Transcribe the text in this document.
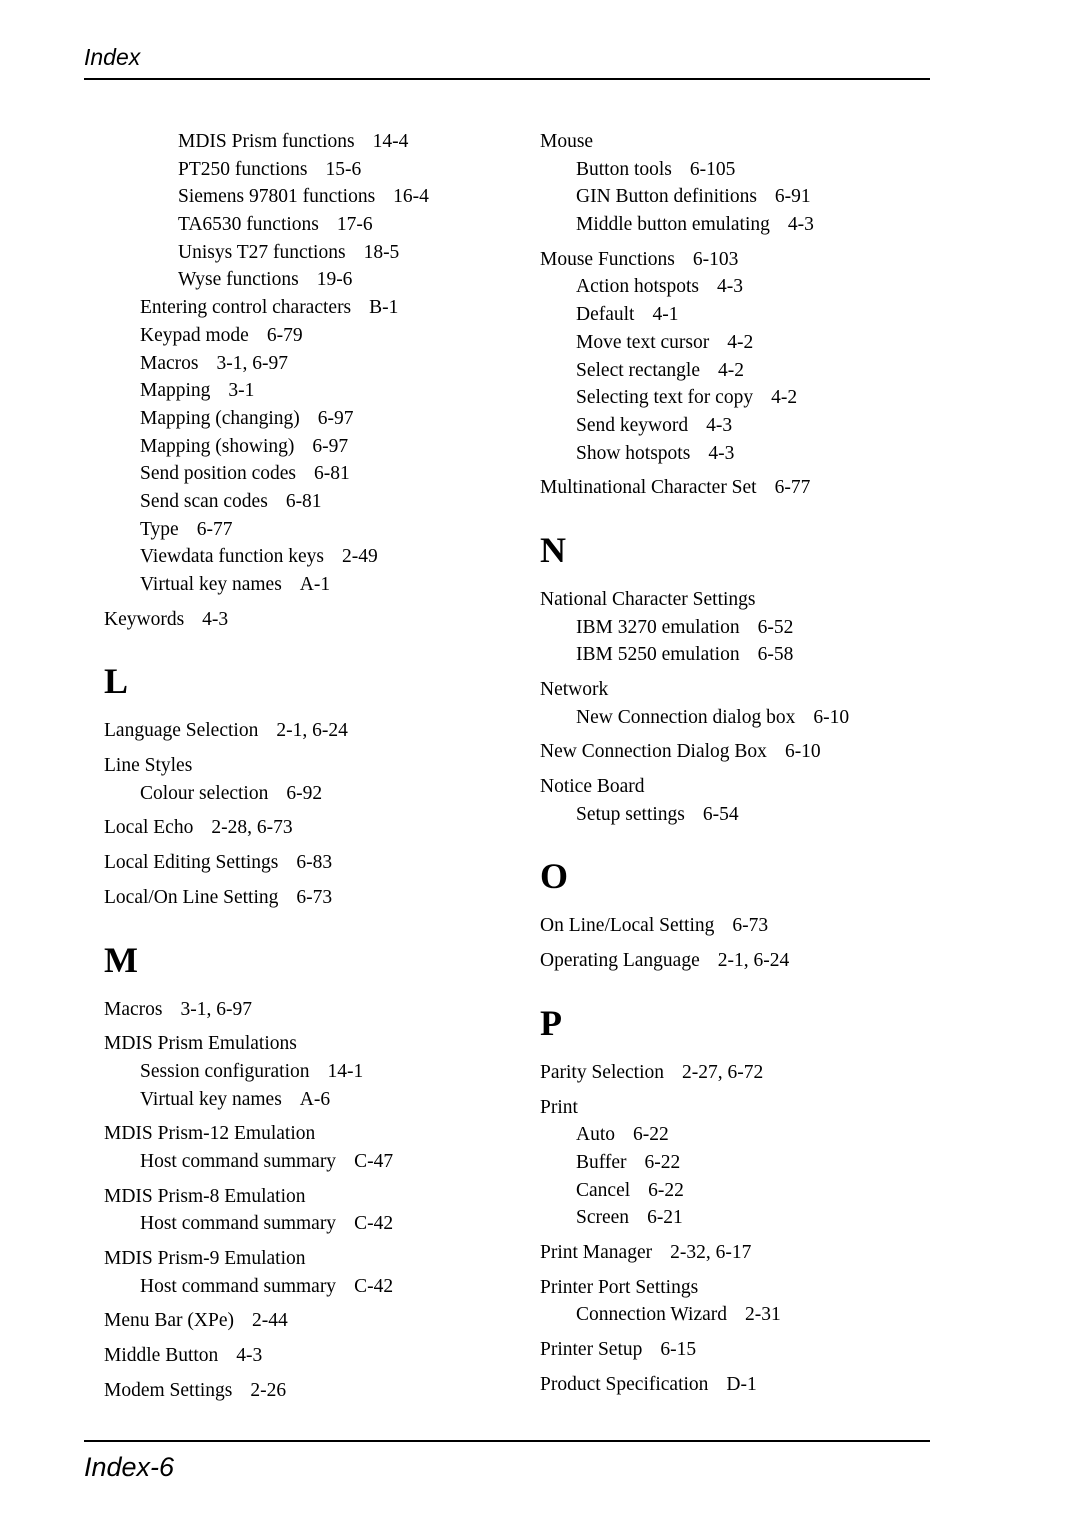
Index
MDIS Prism functions 14-4
PT250 functions 15-6
Siemens 97801 functions 16-4
TA6530 functions 17-6
Unisys T27 functions 18-5
Wyse functions 19-6
Entering control characters B-1
Keypad mode 6-79
Macros 3-1, 6-97
Mapping 3-1
Mapping (changing) 6-97
Mapping (showing) 6-97
Send position codes 6-81
Send scan codes 6-81
Type 6-77
Viewdata function keys 2-49
Virtual key names A-1
Keywords 4-3
L
Language Selection 2-1, 6-24
Line Styles
Colour selection 6-92
Local Echo 2-28, 6-73
Local Editing Settings 6-83
Local/On Line Setting 6-73
M
Macros 3-1, 6-97
MDIS Prism Emulations
Session configuration 14-1
Virtual key names A-6
MDIS Prism-12 Emulation
Host command summary C-47
MDIS Prism-8 Emulation
Host command summary C-42
MDIS Prism-9 Emulation
Host command summary C-42
Menu Bar (XPe) 2-44
Middle Button 4-3
Modem Settings 2-26
Mouse
Button tools 6-105
GIN Button definitions 6-91
Middle button emulating 4-3
Mouse Functions 6-103
Action hotspots 4-3
Default 4-1
Move text cursor 4-2
Select rectangle 4-2
Selecting text for copy 4-2
Send keyword 4-3
Show hotspots 4-3
Multinational Character Set 6-77
N
National Character Settings
IBM 3270 emulation 6-52
IBM 5250 emulation 6-58
Network
New Connection dialog box 6-10
New Connection Dialog Box 6-10
Notice Board
Setup settings 6-54
O
On Line/Local Setting 6-73
Operating Language 2-1, 6-24
P
Parity Selection 2-27, 6-72
Print
Auto 6-22
Buffer 6-22
Cancel 6-22
Screen 6-21
Print Manager 2-32, 6-17
Printer Port Settings
Connection Wizard 2-31
Printer Setup 6-15
Product Specification D-1
Index-6
